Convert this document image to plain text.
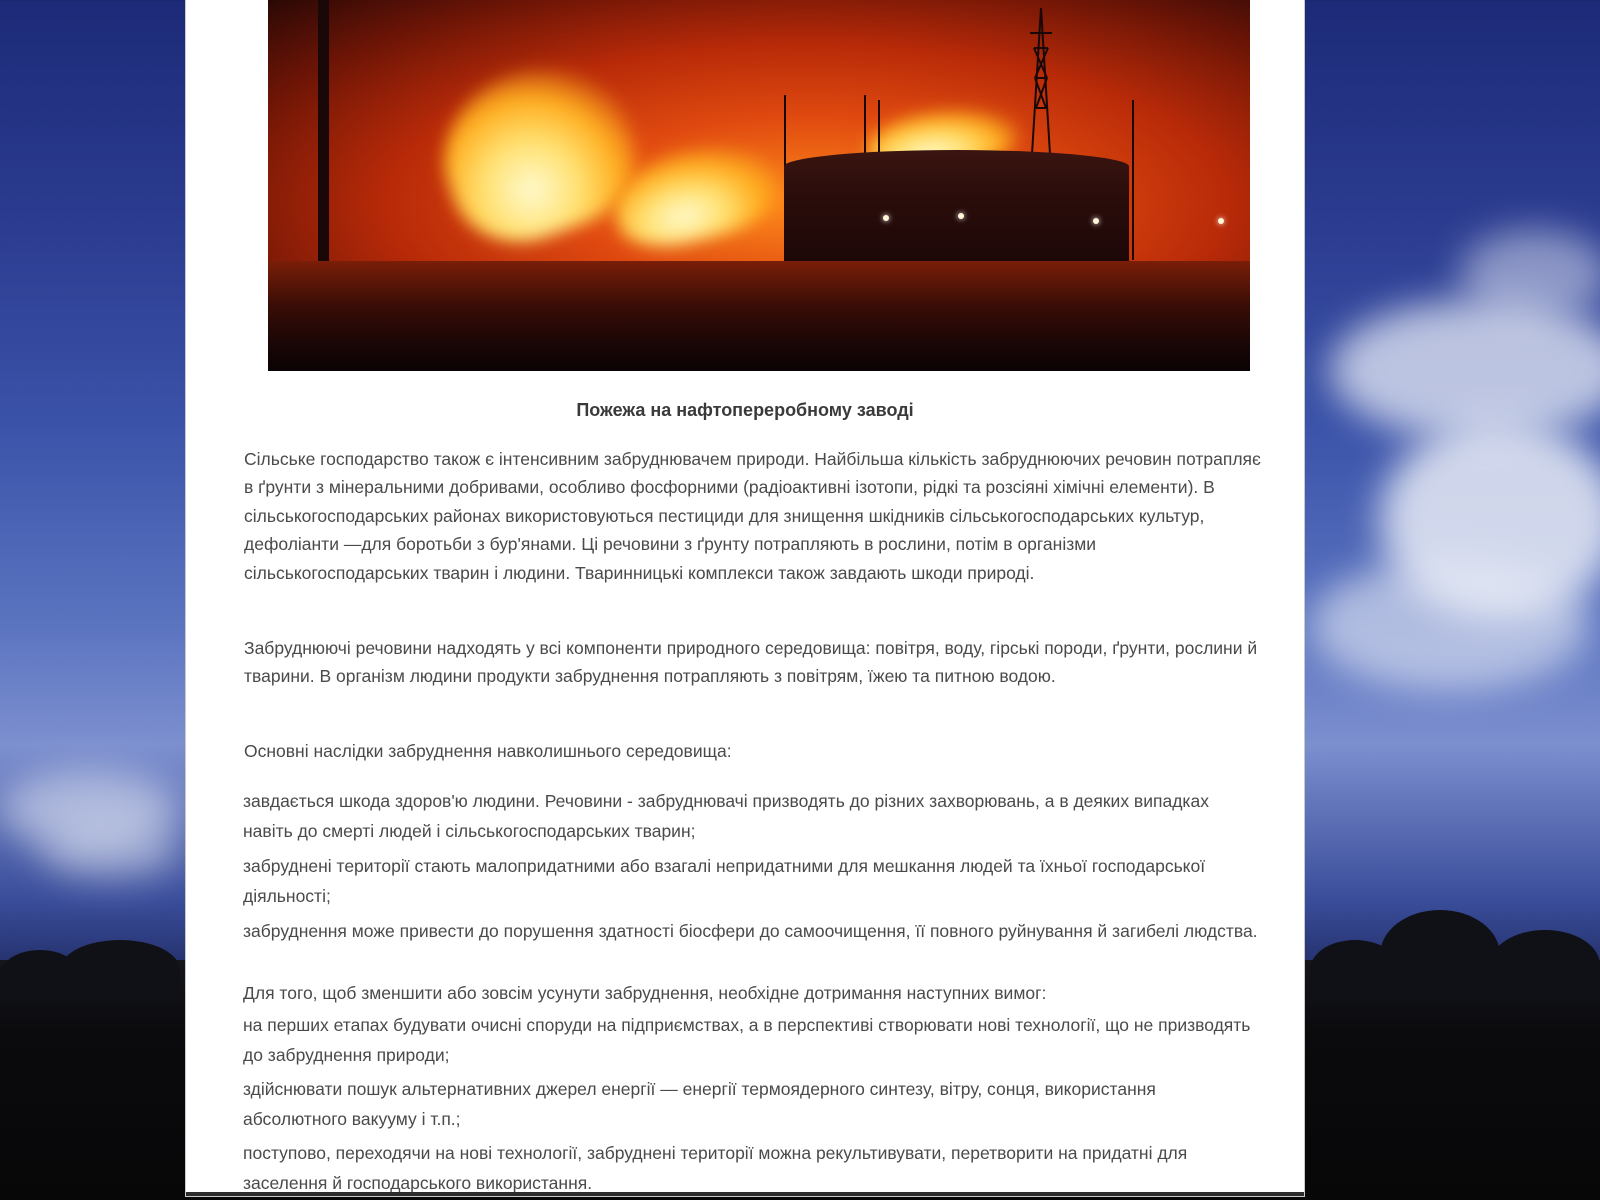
Пожежа на нафтопереробному заводі

Сільське господарство також є інтенсивним забруднювачем природи. Найбільша кількість забруднюючих речовин потрапляє в ґрунти з мінеральними добривами, особливо фосфорними (радіоактивні ізотопи, рідкі та розсіяні хімічні елементи). В сільськогосподарських районах використовуються пестициди для знищення шкідників сільськогосподарських культур, дефоліанти —для боротьби з бур'янами. Ці речовини з ґрунту потрапляють в рослини, потім в організми сільськогосподарських тварин і людини. Тваринницькі комплекси також завдають шкоди природі.

Забруднюючі речовини надходять у всі компоненти природного середовища: повітря, воду, гірські породи, ґрунти, рослини й тварини. В організм людини продукти забруднення потрапляють з повітрям, їжею та питною водою.

Основні наслідки забруднення навколишнього середовища:

завдається шкода здоров'ю людини. Речовини - забруднювачі призводять до різних захворювань, а в деяких випадках навіть до смерті людей і сільськогосподарських тварин;

забруднені території стають малопридатними або взагалі непридатними для мешкання людей та їхньої господарської діяльності;

забруднення може привести до порушення здатності біосфери до самоочищення, її повного руйнування й загибелі людства.

Для того, щоб зменшити або зовсім усунути забруднення, необхідне дотримання наступних вимог:

на перших етапах будувати очисні споруди на підприємствах, а в перспективі створювати нові технології, що не призводять до забруднення природи;

здійснювати пошук альтернативних джерел енергії — енергії термоядерного синтезу, вітру, сонця, використання абсолютного вакууму і т.п.;

поступово, переходячи на нові технології, забруднені території можна рекультивувати, перетворити на придатні для заселення й господарського використання.
